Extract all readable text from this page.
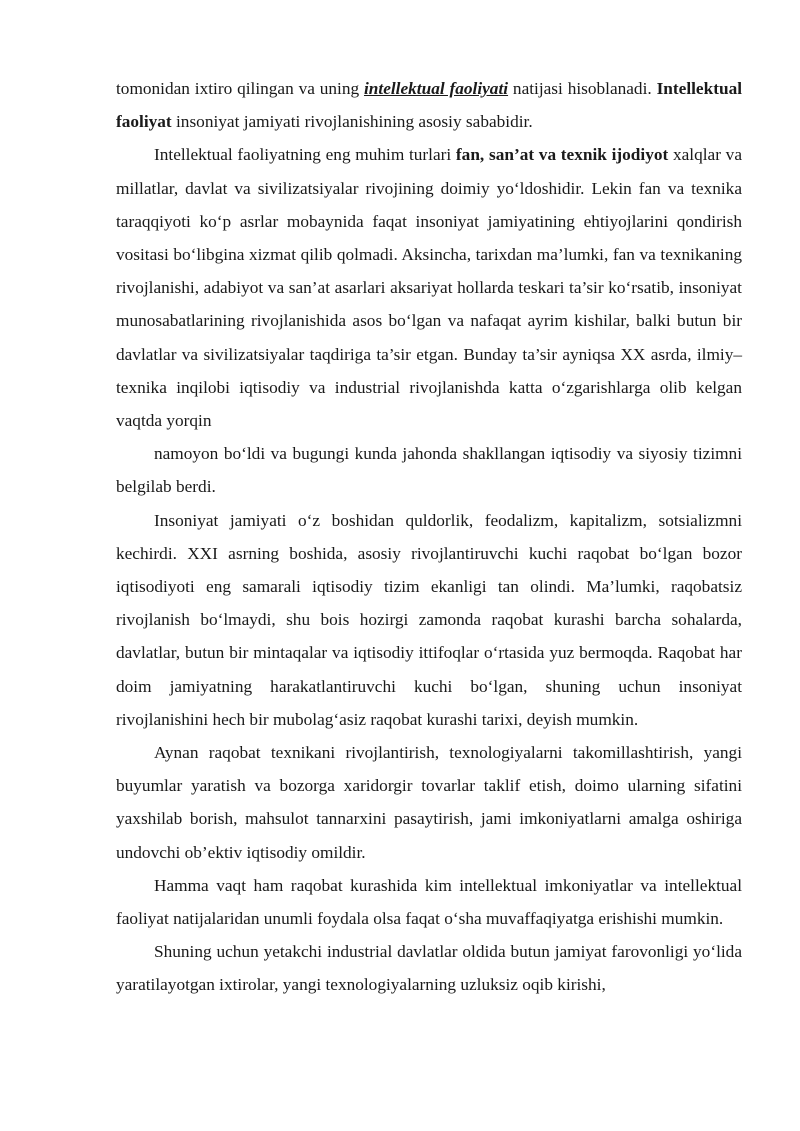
tomonidan ixtiro qilingan va uning intellektual faoliyati natijasi hisoblanadi. Intellektual faoliyat insoniyat jamiyati rivojlanishining asosiy sababidir.

Intellektual faoliyatning eng muhim turlari fan, san’at va texnik ijodiyot xalqlar va millatlar, davlat va sivilizatsiyalar rivojining doimiy yo‘ldoshidir. Lekin fan va texnika taraqqiyoti ko‘p asrlar mobaynida faqat insoniyat jamiyatining ehtiyojlarini qondirish vositasi bo‘libgina xizmat qilib qolmadi. Aksincha, tarixdan ma’lumki, fan va texnikaning rivojlanishi, adabiyot va san’at asarlari aksariyat hollarda teskari ta’sir ko‘rsatib, insoniyat munosabatlarining rivojlanishida asos bo‘lgan va nafaqat ayrim kishilar, balki butun bir davlatlar va sivilizatsiyalar taqdiriga ta’sir etgan. Bunday ta’sir ayniqsa XX asrda, ilmiy–texnika inqilobi iqtisodiy va industrial rivojlanishda katta o‘zgarishlarga olib kelgan vaqtda yorqin

namoyon bo‘ldi va bugungi kunda jahonda shakllangan iqtisodiy va siyosiy tizimni belgilab berdi.

Insoniyat jamiyati o‘z boshidan quldorlik, feodalizm, kapitalizm, sotsializmni kechirdi. XXI asrning boshida, asosiy rivojlantiruvchi kuchi raqobat bo‘lgan bozor iqtisodiyoti eng samarali iqtisodiy tizim ekanligi tan olindi. Ma’lumki, raqobatsiz rivojlanish bo‘lmaydi, shu bois hozirgi zamonda raqobat kurashi barcha sohalarda, davlatlar, butun bir mintaqalar va iqtisodiy ittifoqlar o‘rtasida yuz bermoqda. Raqobat har doim jamiyatning harakatlantiruvchi kuchi bo‘lgan, shuning uchun insoniyat rivojlanishini hech bir mubolag‘asiz raqobat kurashi tarixi, deyish mumkin.

Aynan raqobat texnikani rivojlantirish, texnologiyalarni takomillashtirish, yangi buyumlar yaratish va bozorga xaridorgir tovarlar taklif etish, doimo ularning sifatini yaxshilab borish, mahsulot tannarxini pasaytirish, jami imkoniyatlarni amalga oshiriga undovchi ob’ektiv iqtisodiy omildir.

Hamma vaqt ham raqobat kurashida kim intellektual imkoniyatlar va intellektual faoliyat natijalaridan unumli foydala olsa faqat o‘sha muvaffaqiyatga erishishi mumkin.

Shuning uchun yetakchi industrial davlatlar oldida butun jamiyat farovonligi yo‘lida yaratilayotgan ixtirolar, yangi texnologiyalarning uzluksiz oqib kirishi,
